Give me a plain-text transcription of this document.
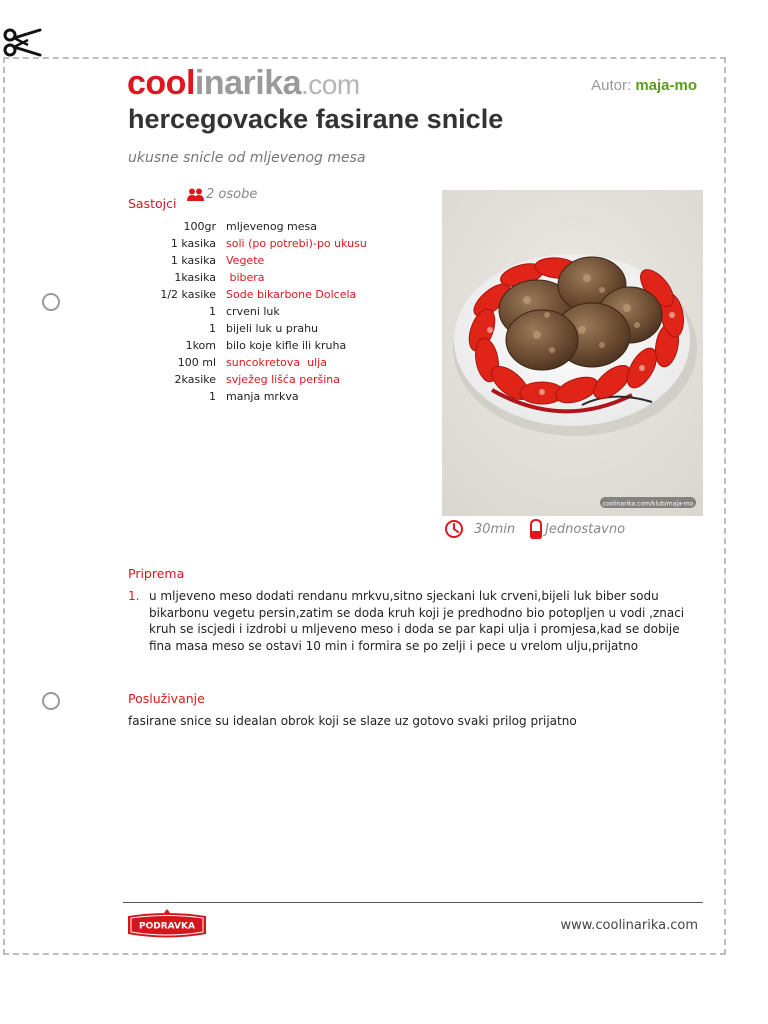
coolinarika.com	Autor: maja-mo
hercegovacke fasirane snicle
ukusne snicle od mljevenog mesa
Sastojci
2 osobe
100gr mljevenog mesa
1 kasika soli (po potrebi)-po ukusu
1 kasika Vegete
1kasika bibera
1/2 kasike Sode bikarbone Dolcela
1 crveni luk
1 bijeli luk u prahu
1kom bilo koje kifle ili kruha
100 ml suncokretova  ulja
2kasike svježeg lišća peršina
1 manja mrkva
coolinarika.com/klub/maja-mo
30min Jednostavno
Priprema
1. u mljeveno meso dodati rendanu mrkvu,sitno sjeckani luk crveni,bijeli luk biber sodu bikarbonu vegetu persin,zatim se doda kruh koji je predhodno bio potopljen u vodi ,znaci kruh se iscjedi i izdrobi u mljeveno meso i doda se par kapi ulja i promjesa,kad se dobije fina masa meso se ostavi 10 min i formira se po zelji i pece u vrelom ulju,prijatno
Posluživanje
fasirane snice su idealan obrok koji se slaze uz gotovo svaki prilog prijatno
PODRAVKA	www.coolinarika.com
